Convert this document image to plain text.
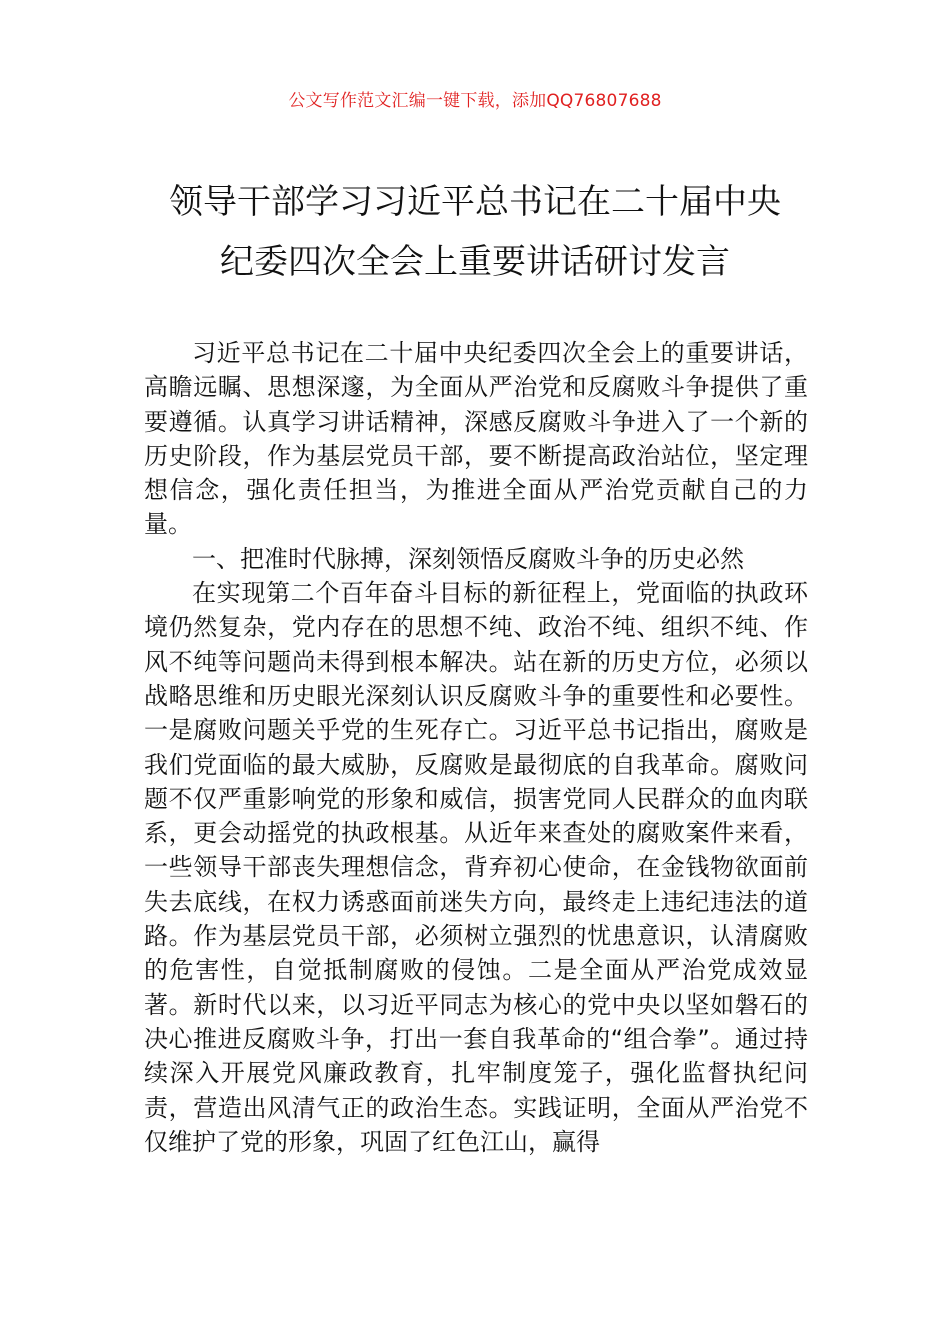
公文写作范文汇编一键下载，添加QQ76807688
领导干部学习习近平总书记在二十届中央
纪委四次全会上重要讲话研讨发言

习近平总书记在二十届中央纪委四次全会上的重要讲话，高瞻远瞩、思想深邃，为全面从严治党和反腐败斗争提供了重要遵循。认真学习讲话精神，深感反腐败斗争进入了一个新的历史阶段，作为基层党员干部，要不断提高政治站位，坚定理想信念，强化责任担当，为推进全面从严治党贡献自己的力量。

一、把准时代脉搏，深刻领悟反腐败斗争的历史必然

在实现第二个百年奋斗目标的新征程上，党面临的执政环境仍然复杂，党内存在的思想不纯、政治不纯、组织不纯、作风不纯等问题尚未得到根本解决。站在新的历史方位，必须以战略思维和历史眼光深刻认识反腐败斗争的重要性和必要性。一是腐败问题关乎党的生死存亡。习近平总书记指出，腐败是我们党面临的最大威胁，反腐败是最彻底的自我革命。腐败问题不仅严重影响党的形象和威信，损害党同人民群众的血肉联系，更会动摇党的执政根基。从近年来查处的腐败案件来看，一些领导干部丧失理想信念，背弃初心使命，在金钱物欲面前失去底线，在权力诱惑面前迷失方向，最终走上违纪违法的道路。作为基层党员干部，必须树立强烈的忧患意识，认清腐败的危害性，自觉抵制腐败的侵蚀。二是全面从严治党成效显著。新时代以来，以习近平同志为核心的党中央以坚如磐石的决心推进反腐败斗争，打出一套自我革命的“组合拳”。通过持续深入开展党风廉政教育，扎牢制度笼子，强化监督执纪问责，营造出风清气正的政治生态。实践证明，全面从严治党不仅维护了党的形象，巩固了红色江山，赢得
